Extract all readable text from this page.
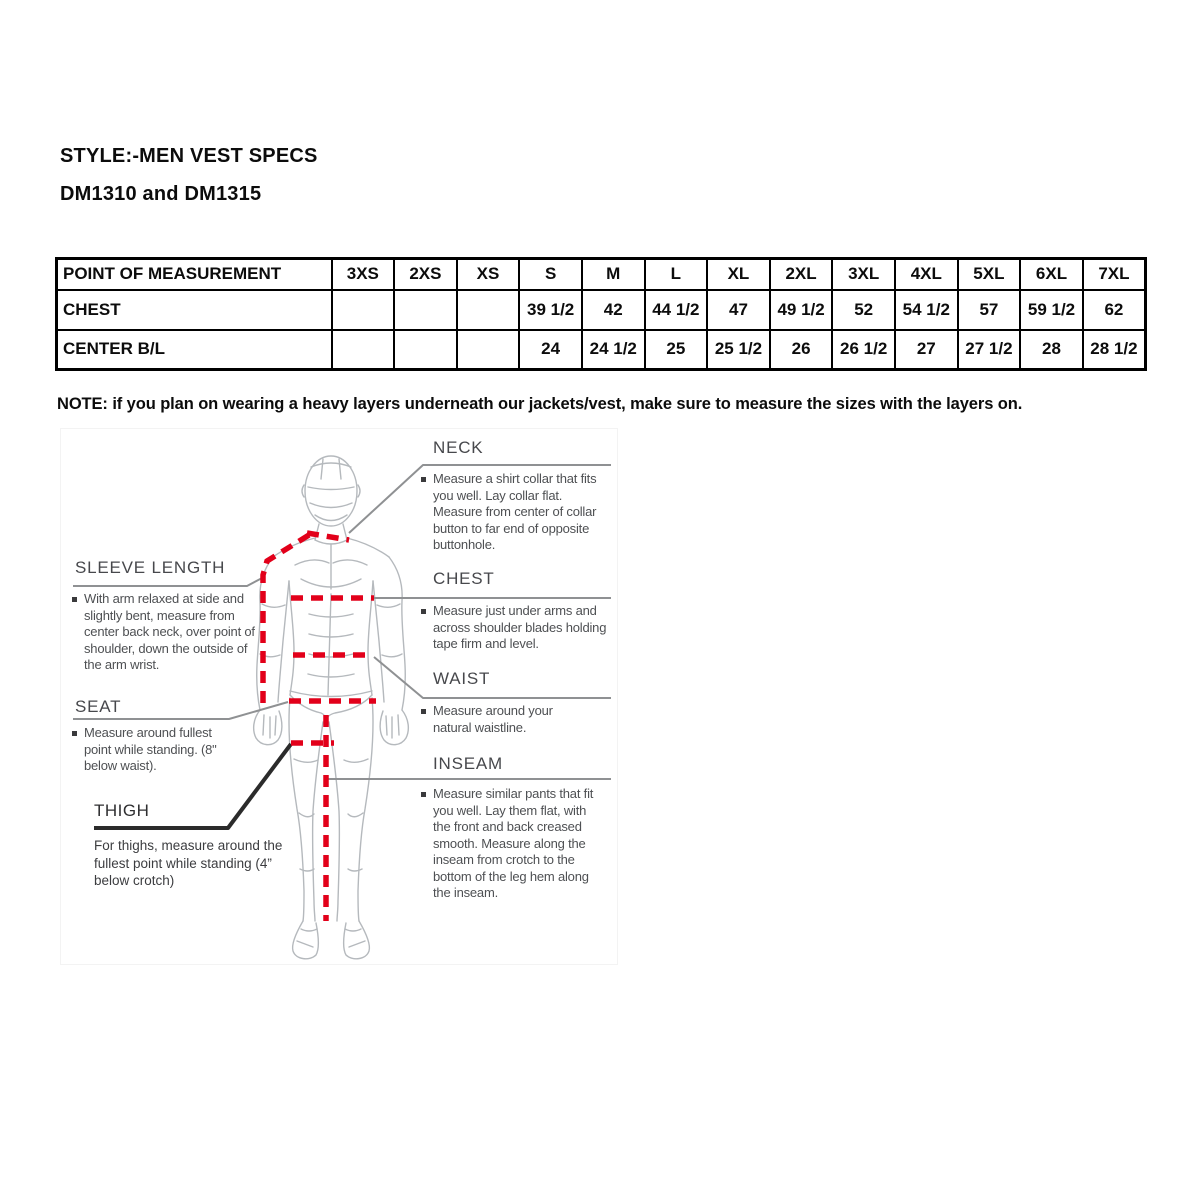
STYLE:-MEN VEST SPECS
DM1310 and DM1315
POINT OF MEASUREMENT	3XS	2XS	XS	S	M	L	XL	2XL	3XL	4XL	5XL	6XL	7XL
CHEST				39 1/2	42	44 1/2	47	49 1/2	52	54 1/2	57	59 1/2	62
CENTER B/L				24	24 1/2	25	25 1/2	26	26 1/2	27	27 1/2	28	28 1/2
NOTE: if you plan on wearing a heavy layers underneath our jackets/vest, make sure to measure the sizes with the layers on.
NECK
Measure a shirt collar that fits you well. Lay collar flat. Measure from center of collar button to far end of opposite buttonhole.
SLEEVE LENGTH
With arm relaxed at side and slightly bent, measure from center back neck, over point of shoulder, down the outside of the arm wrist.
CHEST
Measure just under arms and across shoulder blades holding tape firm and level.
WAIST
Measure around your natural waistline.
SEAT
Measure around fullest point while standing. (8" below waist).	INSEAM
Measure similar pants that fit you well. Lay them flat, with the front and back creased smooth. Measure along the inseam from crotch to the bottom of the leg hem along the inseam.
THIGH
For thighs, measure around the fullest point while standing (4” below crotch)
